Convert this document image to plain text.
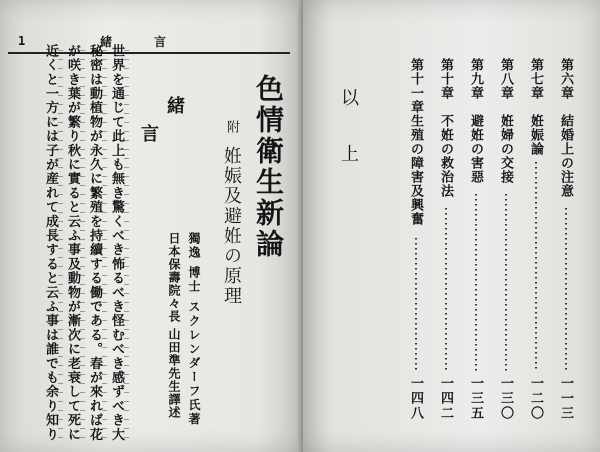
1	緒言
色情衛生新論
附
姙娠及避姙の原理
獨逸 博士 スクレンダーフ氏著
日本保壽院々長 山田準先生譯述
緒
言
世界を通じて此上も無き驚くべき怖るべき怪むべき感ずべき大
秘密は動植物が永久に繁殖を持續する働である。春が來れば花
が咲き葉が繁り秋に實ると云ふ事及動物が漸次に老衰して死に
近くと一方には子が産れて成長すると云ふ事は誰でも余り知り	以上
第六章
結婚上の注意
一一三
第七章
姙娠論
一二〇
第八章
姙婦の交接
一三〇
第九章
避姙の害惡
一三五
第十章
不姙の救治法
一四二
第十一章
生殖の障害及興奮
一四八
